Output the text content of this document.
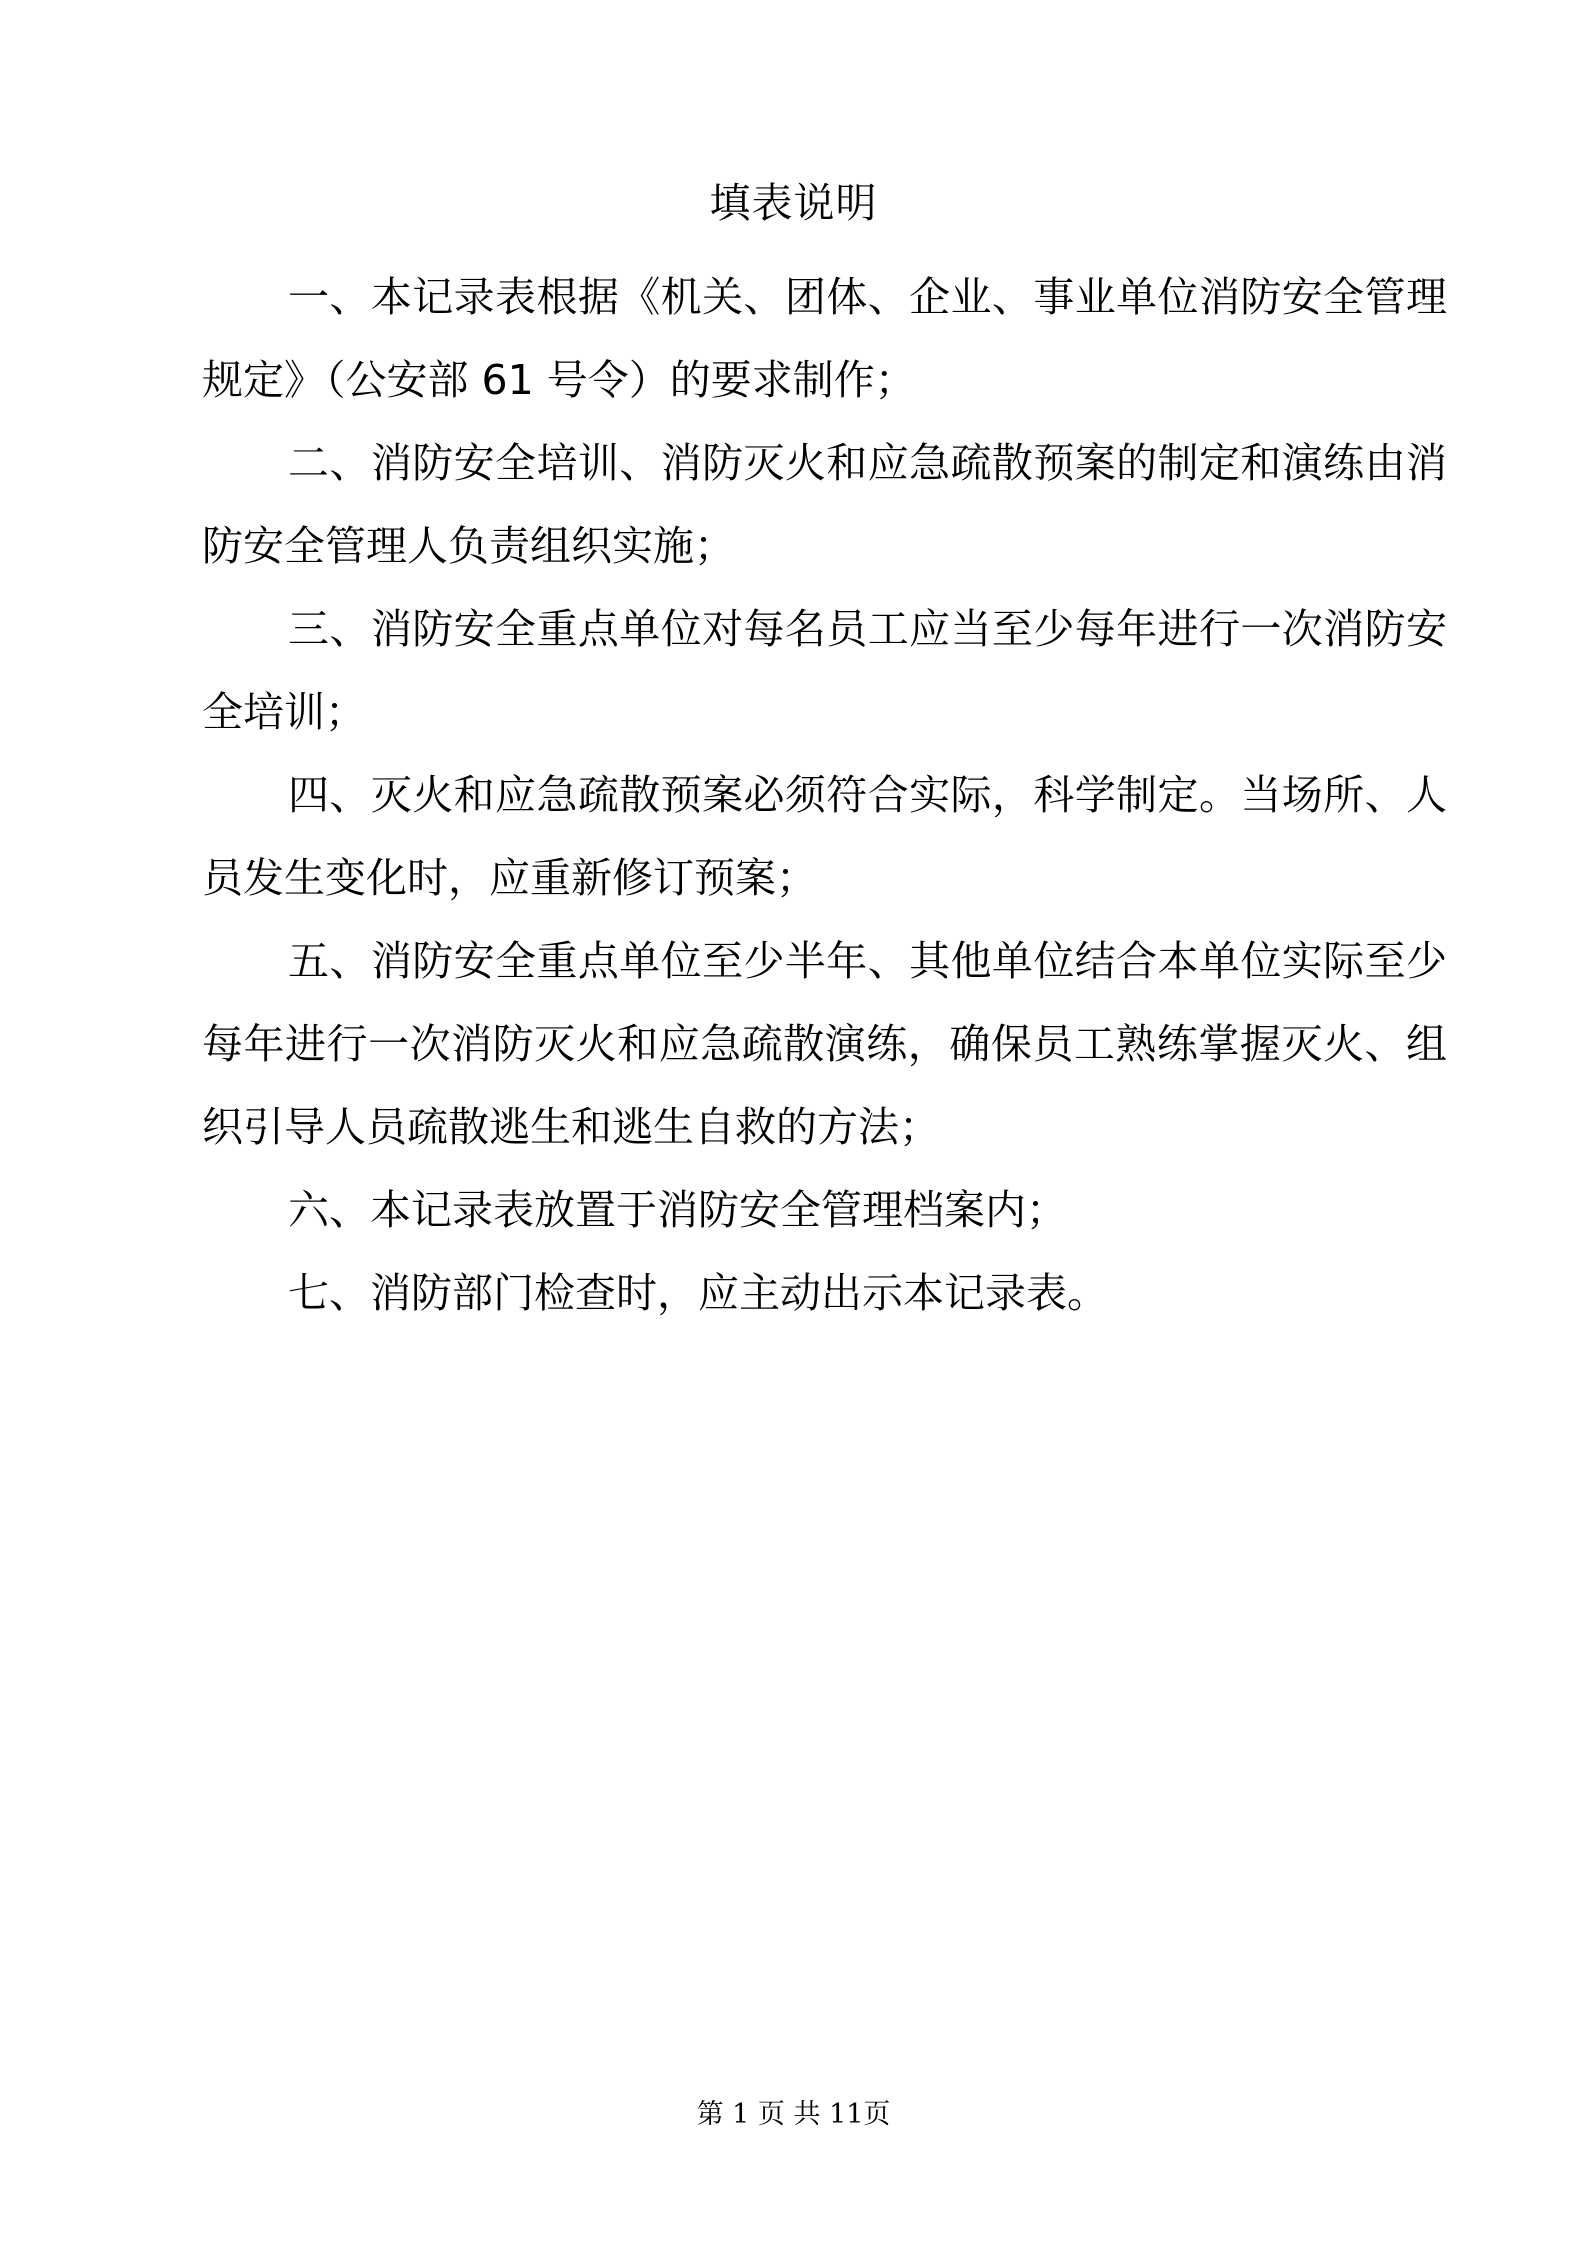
填表说明

一、本记录表根据《机关、团体、企业、事业单位消防安全管理规定》（公安部 61 号令）的要求制作；

二、消防安全培训、消防灭火和应急疏散预案的制定和演练由消防安全管理人负责组织实施；

三、消防安全重点单位对每名员工应当至少每年进行一次消防安全培训；

四、灭火和应急疏散预案必须符合实际，科学制定。当场所、人员发生变化时，应重新修订预案；

五、消防安全重点单位至少半年、其他单位结合本单位实际至少每年进行一次消防灭火和应急疏散演练，确保员工熟练掌握灭火、组织引导人员疏散逃生和逃生自救的方法；

六、本记录表放置于消防安全管理档案内；

七、消防部门检查时，应主动出示本记录表。

第 1 页 共 11页
